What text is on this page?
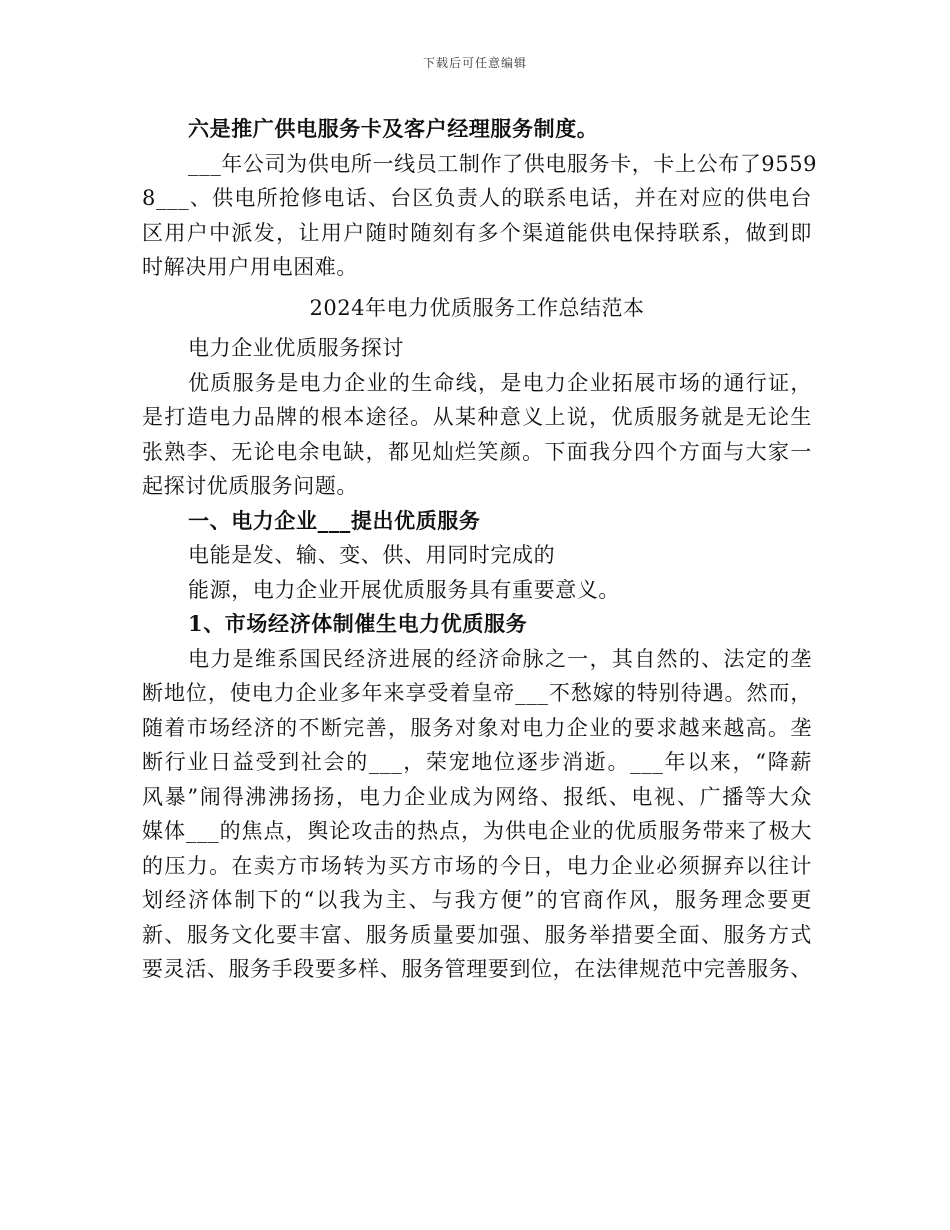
下载后可任意编辑
六是推广供电服务卡及客户经理服务制度。
___年公司为供电所一线员工制作了供电服务卡，卡上公布了9559
8___、供电所抢修电话、台区负责人的联系电话，并在对应的供电台
区用户中派发，让用户随时随刻有多个渠道能供电保持联系，做到即
时解决用户用电困难。
2024年电力优质服务工作总结范本
电力企业优质服务探讨
优质服务是电力企业的生命线，是电力企业拓展市场的通行证，
是打造电力品牌的根本途径。从某种意义上说，优质服务就是无论生
张熟李、无论电余电缺，都见灿烂笑颜。下面我分四个方面与大家一
起探讨优质服务问题。
一、电力企业___提出优质服务
电能是发、输、变、供、用同时完成的
能源，电力企业开展优质服务具有重要意义。
1、市场经济体制催生电力优质服务
电力是维系国民经济进展的经济命脉之一，其自然的、法定的垄
断地位，使电力企业多年来享受着皇帝___不愁嫁的特别待遇。然而，
随着市场经济的不断完善，服务对象对电力企业的要求越来越高。垄
断行业日益受到社会的___，荣宠地位逐步消逝。___年以来，“降薪
风暴”闹得沸沸扬扬，电力企业成为网络、报纸、电视、广播等大众
媒体___的焦点，舆论攻击的热点，为供电企业的优质服务带来了极大
的压力。在卖方市场转为买方市场的今日，电力企业必须摒弃以往计
划经济体制下的“以我为主、与我方便”的官商作风，服务理念要更
新、服务文化要丰富、服务质量要加强、服务举措要全面、服务方式
要灵活、服务手段要多样、服务管理要到位，在法律规范中完善服务、
